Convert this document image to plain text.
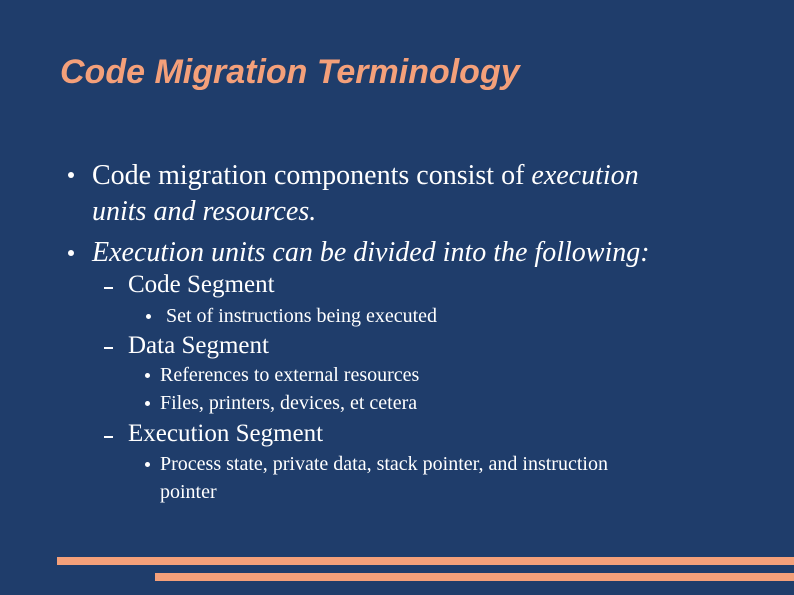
Code Migration Terminology
Code migration components consist of execution
units and resources.
Execution units can be divided into the following:
Code Segment
Set of instructions being executed
Data Segment
References to external resources
Files, printers, devices, et cetera
Execution Segment
Process state, private data, stack pointer, and instruction
pointer
